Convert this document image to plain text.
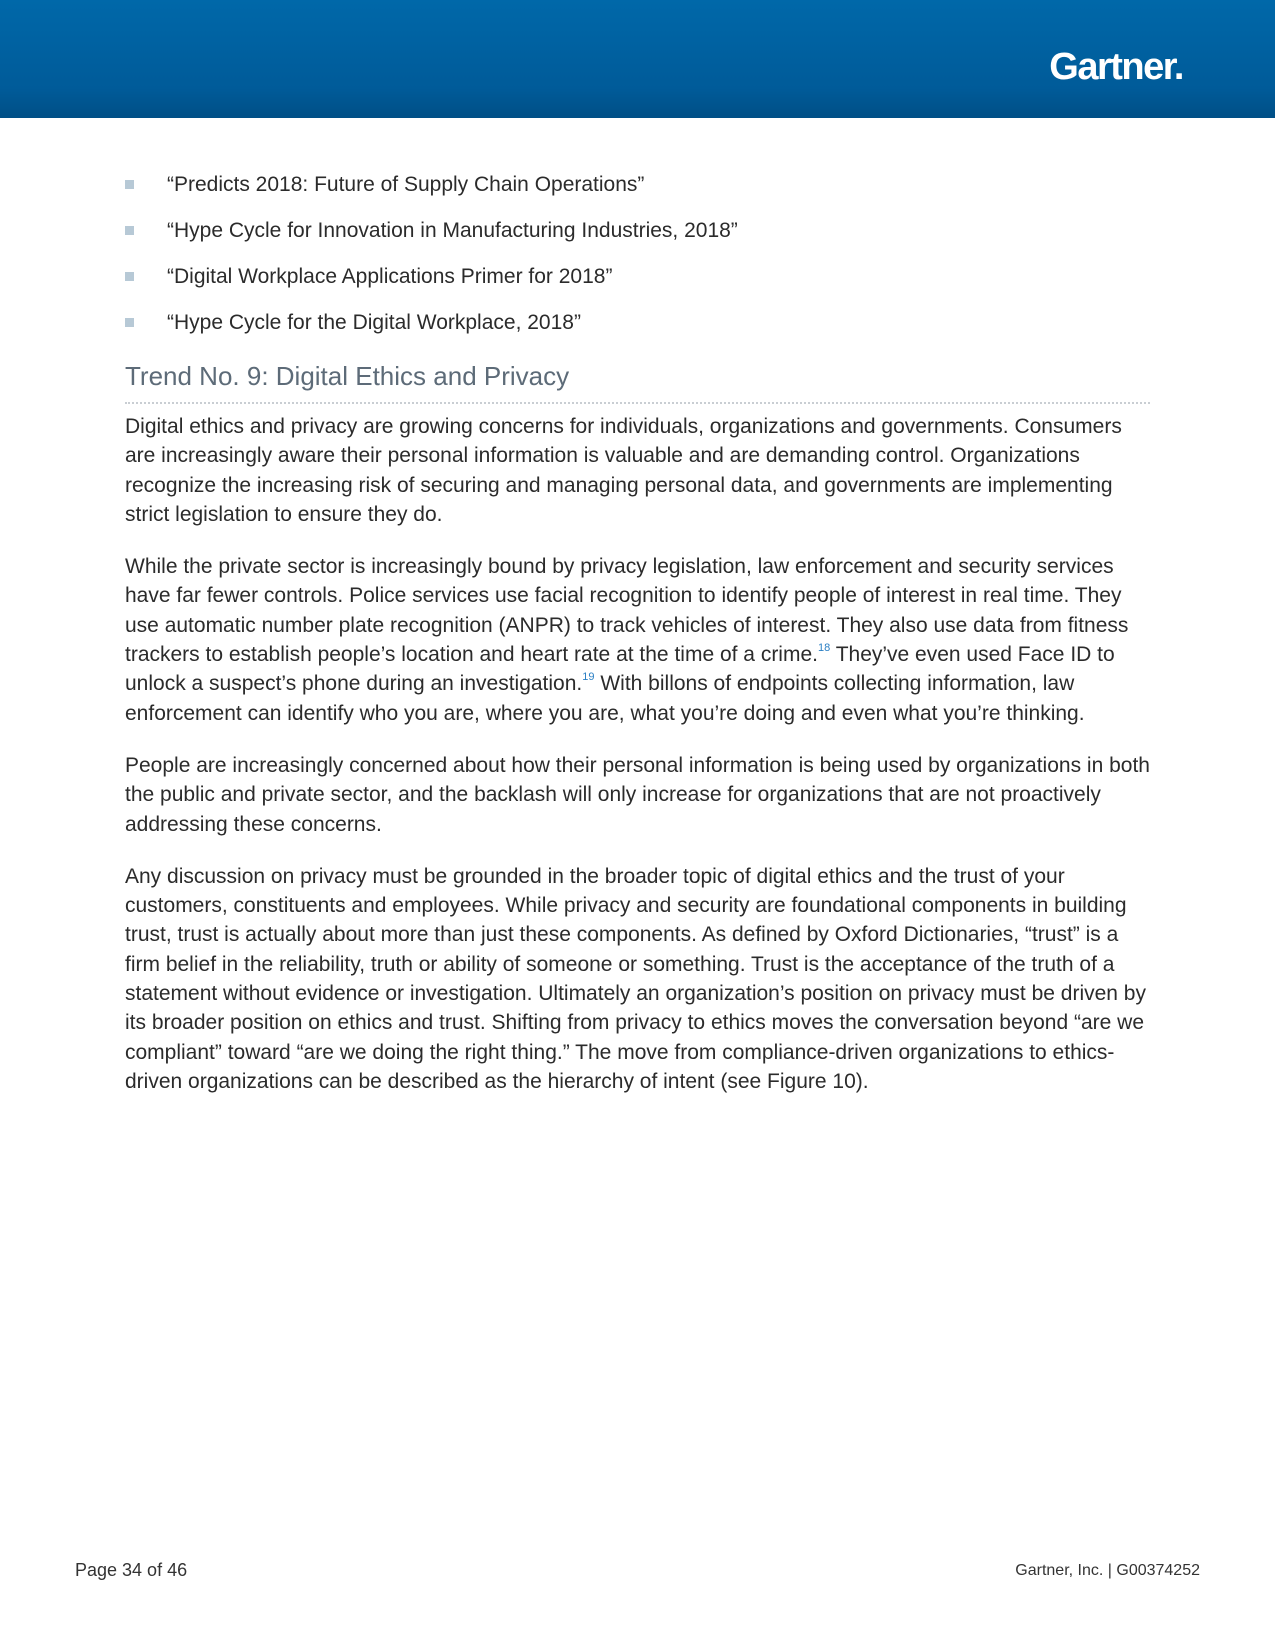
Gartner.
“Predicts 2018: Future of Supply Chain Operations”
“Hype Cycle for Innovation in Manufacturing Industries, 2018”
“Digital Workplace Applications Primer for 2018”
“Hype Cycle for the Digital Workplace, 2018”
Trend No. 9: Digital Ethics and Privacy

Digital ethics and privacy are growing concerns for individuals, organizations and governments. Consumers are increasingly aware their personal information is valuable and are demanding control. Organizations recognize the increasing risk of securing and managing personal data, and governments are implementing strict legislation to ensure they do.

While the private sector is increasingly bound by privacy legislation, law enforcement and security services have far fewer controls. Police services use facial recognition to identify people of interest in real time. They use automatic number plate recognition (ANPR) to track vehicles of interest. They also use data from fitness trackers to establish people’s location and heart rate at the time of a crime.$^{18}$ They’ve even used Face ID to unlock a suspect’s phone during an investigation.$^{19}$ With billons of endpoints collecting information, law enforcement can identify who you are, where you are, what you’re doing and even what you’re thinking.

People are increasingly concerned about how their personal information is being used by organizations in both the public and private sector, and the backlash will only increase for organizations that are not proactively addressing these concerns.

Any discussion on privacy must be grounded in the broader topic of digital ethics and the trust of your customers, constituents and employees. While privacy and security are foundational components in building trust, trust is actually about more than just these components. As defined by Oxford Dictionaries, “trust” is a firm belief in the reliability, truth or ability of someone or something. Trust is the acceptance of the truth of a statement without evidence or investigation. Ultimately an organization’s position on privacy must be driven by its broader position on ethics and trust. Shifting from privacy to ethics moves the conversation beyond “are we compliant” toward “are we doing the right thing.” The move from compliance-driven organizations to ethics-driven organizations can be described as the hierarchy of intent (see Figure 10).

Page 34 of 46	Gartner, Inc. | G00374252
